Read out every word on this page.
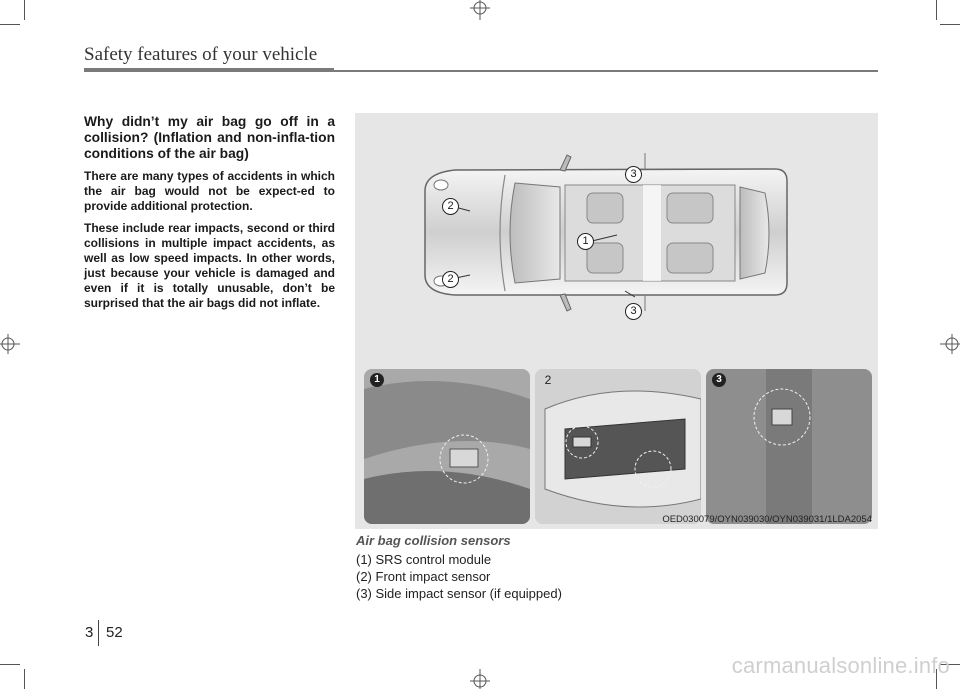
Safety features of your vehicle

Why didn’t my air bag go off in a collision? (Inflation and non-infla-tion conditions of the air bag)

There are many types of accidents in which the air bag would not be expect-ed to provide additional protection.

These include rear impacts, second or third collisions in multiple impact accidents, as well as low speed impacts. In other words, just because your vehicle is damaged and even if it is totally unusable, don’t be surprised that the air bags did not inflate.

1
2
2
3
3
1	2	3
OED030079/OYN039030/OYN039031/1LDA2054
Air bag collision sensors
(1) SRS control module
(2) Front impact sensor
(3) Side impact sensor (if equipped)
3 52
carmanualsonline.info
